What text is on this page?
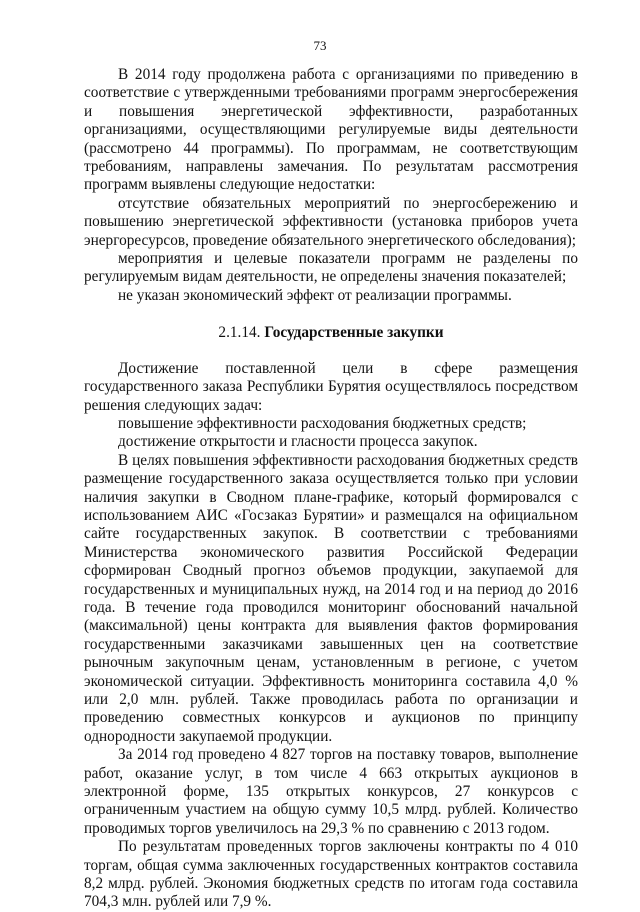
73

В 2014 году продолжена работа с организациями по приведению в соответствие с утвержденными требованиями программ энергосбережения и повышения энергетической эффективности, разработанных организациями, осуществляющими регулируемые виды деятельности (рассмотрено 44 программы). По программам, не соответствующим требованиям, направлены замечания. По результатам рассмотрения программ выявлены следующие недостатки:

отсутствие обязательных мероприятий по энергосбережению и повышению энергетической эффективности (установка приборов учета энергоресурсов, проведение обязательного энергетического обследования);

мероприятия и целевые показатели программ не разделены по регулируемым видам деятельности, не определены значения показателей;

не указан экономический эффект от реализации программы.

2.1.14. Государственные закупки

Достижение поставленной цели в сфере размещения государственного заказа Республики Бурятия осуществлялось посредством решения следующих задач:

повышение эффективности расходования бюджетных средств;

достижение открытости и гласности процесса закупок.

В целях повышения эффективности расходования бюджетных средств размещение государственного заказа осуществляется только при условии наличия закупки в Сводном плане-графике, который формировался с использованием АИС «Госзаказ Бурятии» и размещался на официальном сайте государственных закупок. В соответствии с требованиями Министерства экономического развития Российской Федерации сформирован Сводный прогноз объемов продукции, закупаемой для государственных и муниципальных нужд, на 2014 год и на период до 2016 года. В течение года проводился мониторинг обоснований начальной (максимальной) цены контракта для выявления фактов формирования государственными заказчиками завышенных цен на соответствие рыночным закупочным ценам, установленным в регионе, с учетом экономической ситуации. Эффективность мониторинга составила 4,0 % или 2,0 млн. рублей. Также проводилась работа по организации и проведению совместных конкурсов и аукционов по принципу однородности закупаемой продукции.

За 2014 год проведено 4 827 торгов на поставку товаров, выполнение работ, оказание услуг, в том числе 4 663 открытых аукционов в электронной форме, 135 открытых конкурсов, 27 конкурсов с ограниченным участием на общую сумму 10,5 млрд. рублей. Количество проводимых торгов увеличилось на 29,3 % по сравнению с 2013 годом.

По результатам проведенных торгов заключены контракты по 4 010 торгам, общая сумма заключенных государственных контрактов составила 8,2 млрд. рублей. Экономия бюджетных средств по итогам года составила 704,3 млн. рублей или 7,9 %.
